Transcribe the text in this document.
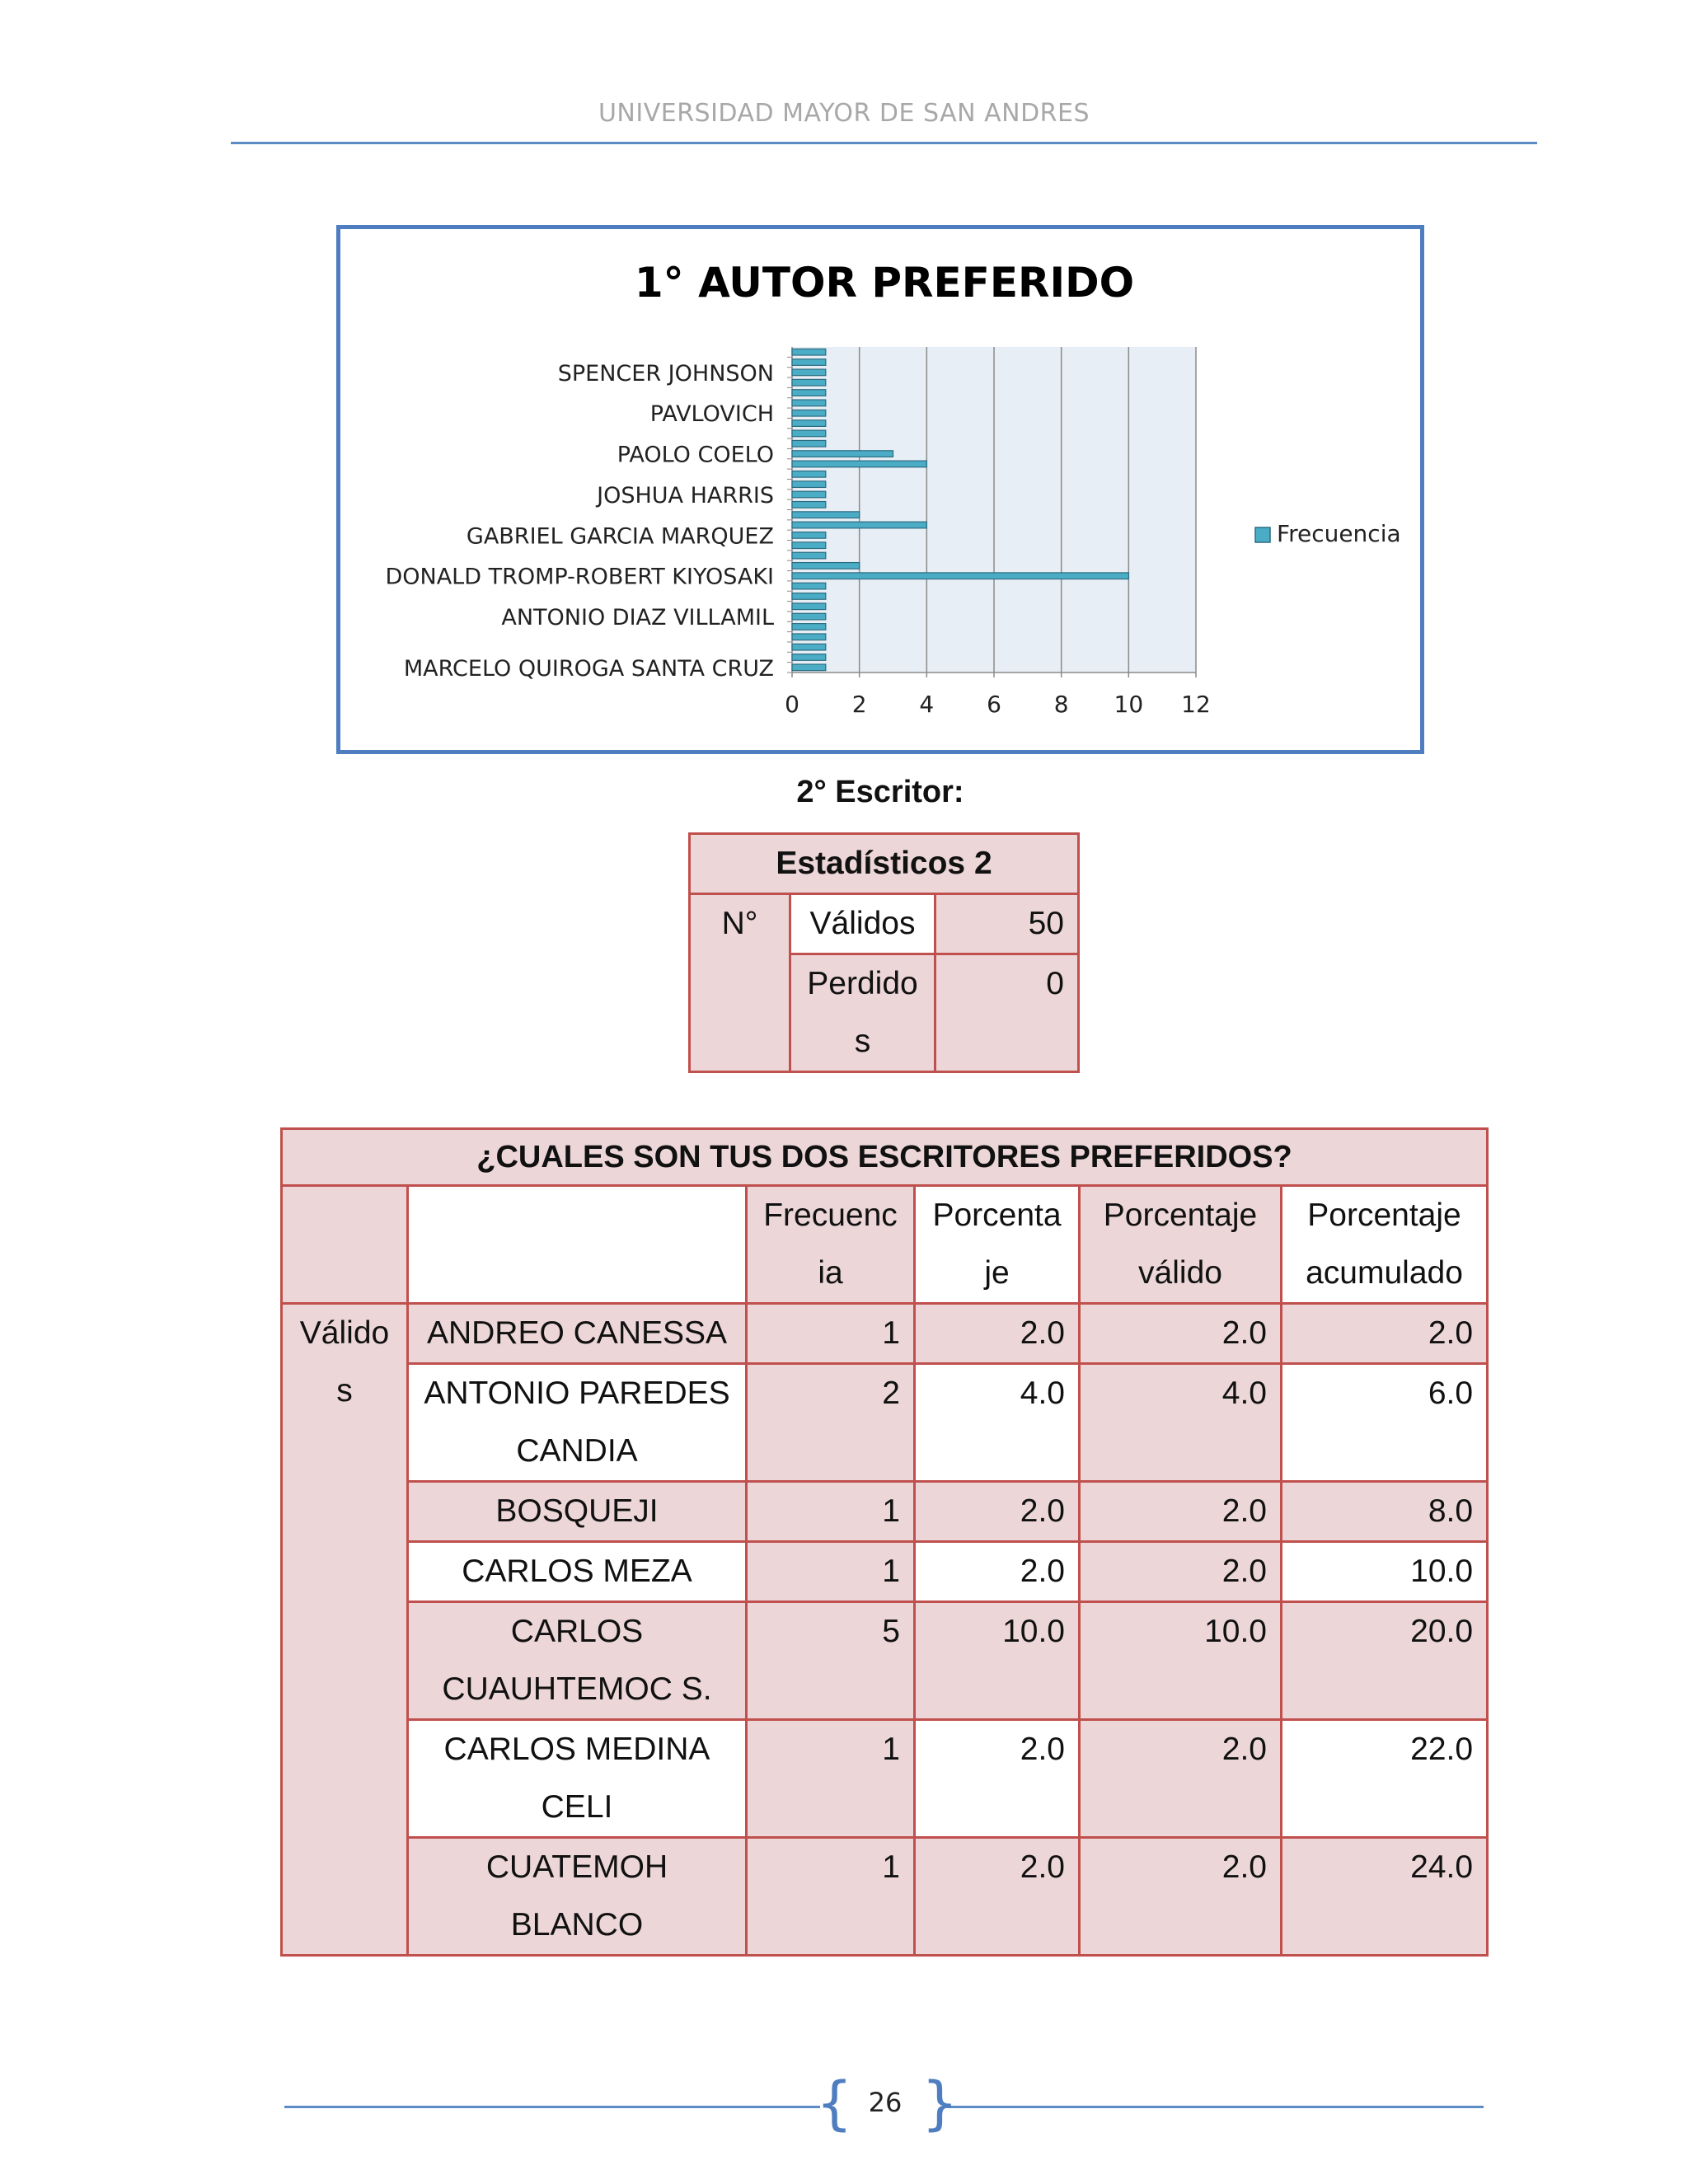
UNIVERSIDAD MAYOR DE SAN ANDRES
1° AUTOR PREFERIDO
0 2 4 6 8 10 12
MARCELO QUIROGA SANTA CRUZ
ANTONIO DIAZ VILLAMIL
DONALD TROMP-ROBERT KIYOSAKI
GABRIEL GARCIA MARQUEZ
JOSHUA HARRIS
PAOLO COELO
PAVLOVICH
SPENCER JOHNSON
Frecuencia
2° Escritor:
Estadísticos 2		
N°	Válidos	50
	Perdido s	0
¿CUALES SON TUS DOS ESCRITORES PREFERIDOS?					
		Frecuenc ia	Porcenta je	Porcentaje válido	Porcentaje acumulado
Válido s	ANDREO CANESSA	1	2.0	2.0	2.0
	ANTONIO PAREDES CANDIA	2	4.0	4.0	6.0
	BOSQUEJI	1	2.0	2.0	8.0
	CARLOS MEZA	1	2.0	2.0	10.0
	CARLOS CUAUHTEMOC S.	5	10.0	10.0	20.0
	CARLOS MEDINA CELI	1	2.0	2.0	22.0
	CUATEMOH BLANCO	1	2.0	2.0	24.0
{ }
26
